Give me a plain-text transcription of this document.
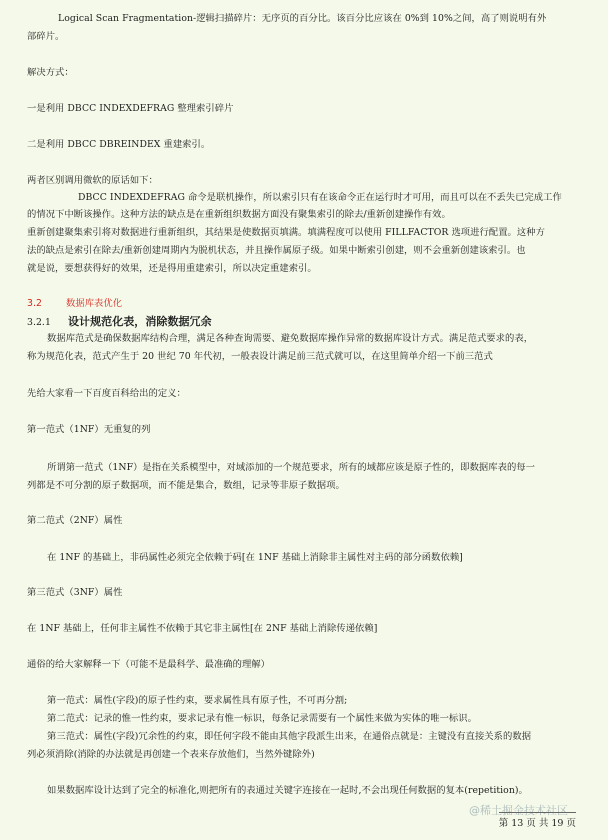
Logical Scan Fragmentation-逻辑扫描碎片：无序页的百分比。该百分比应该在 0%到 10%之间，高了则说明有外
部碎片。
解决方式：
一是利用 DBCC INDEXDEFRAG 整理索引碎片
二是利用 DBCC DBREINDEX 重建索引。
两者区别调用微软的原话如下：
DBCC INDEXDEFRAG 命令是联机操作，所以索引只有在该命令正在运行时才可用，而且可以在不丢失已完成工作
的情况下中断该操作。这种方法的缺点是在重新组织数据方面没有聚集索引的除去/重新创建操作有效。
重新创建聚集索引将对数据进行重新组织，其结果是使数据页填满。填满程度可以使用 FILLFACTOR 选项进行配置。这种方
法的缺点是索引在除去/重新创建周期内为脱机状态，并且操作属原子级。如果中断索引创建，则不会重新创建该索引。也
就是说，要想获得好的效果，还是得用重建索引，所以决定重建索引。
3.2	数据库表优化
3.2.1 设计规范化表，消除数据冗余
数据库范式是确保数据库结构合理，满足各种查询需要、避免数据库操作异常的数据库设计方式。满足范式要求的表，
称为规范化表，范式产生于 20 世纪 70 年代初，一般表设计满足前三范式就可以，在这里简单介绍一下前三范式
先给大家看一下百度百科给出的定义：
第一范式（1NF）无重复的列
所谓第一范式（1NF）是指在关系模型中，对域添加的一个规范要求，所有的域都应该是原子性的，即数据库表的每一
列都是不可分割的原子数据项，而不能是集合，数组，记录等非原子数据项。
第二范式（2NF）属性
在 1NF 的基础上，非码属性必须完全依赖于码[在 1NF 基础上消除非主属性对主码的部分函数依赖]
第三范式（3NF）属性
在 1NF 基础上，任何非主属性不依赖于其它非主属性[在 2NF 基础上消除传递依赖]
通俗的给大家解释一下（可能不是最科学、最准确的理解）
第一范式：属性(字段)的原子性约束，要求属性具有原子性，不可再分割;
第二范式：记录的惟一性约束，要求记录有惟一标识，每条记录需要有一个属性来做为实体的唯一标识。
第三范式：属性(字段)冗余性的约束，即任何字段不能由其他字段派生出来，在通俗点就是：主键没有直接关系的数据
列必须消除(消除的办法就是再创建一个表来存放他们，当然外键除外)
如果数据库设计达到了完全的标准化,则把所有的表通过关键字连接在一起时,不会出现任何数据的复本(repetition)。
@稀土掘金技术社区
第 13 页 共 19 页
